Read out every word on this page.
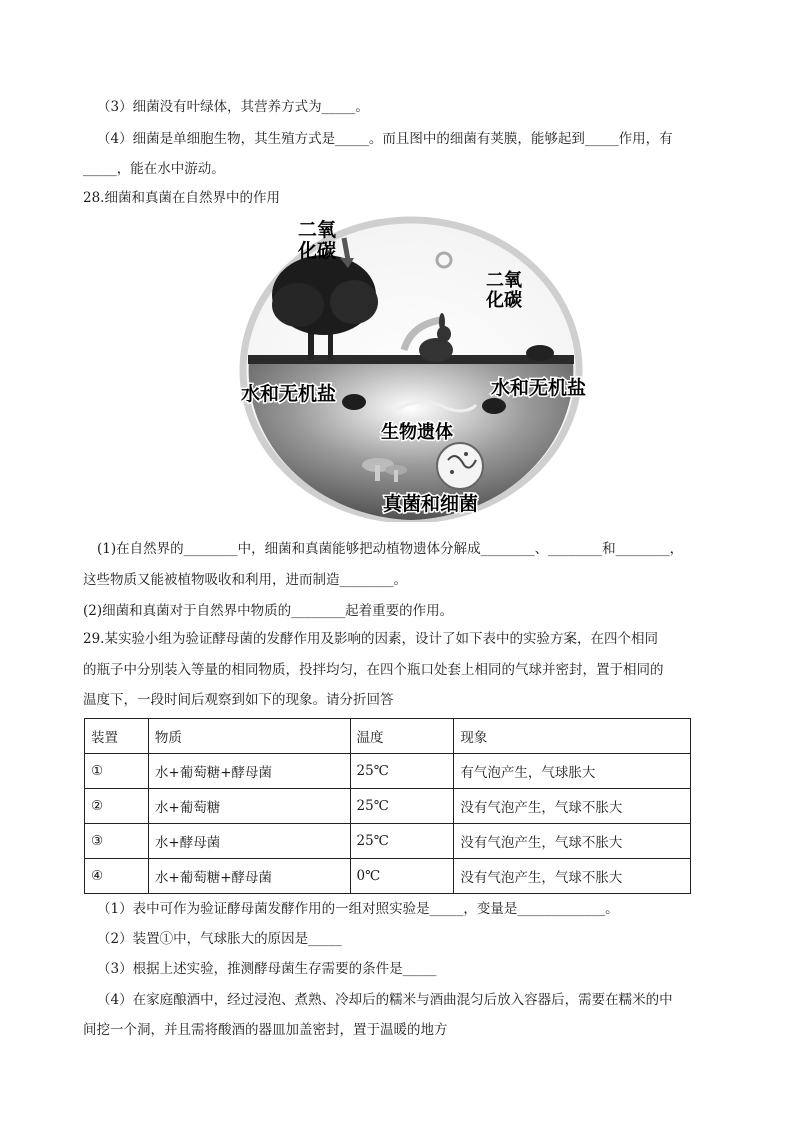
（3）细菌没有叶绿体，其营养方式为_____。
（4）细菌是单细胞生物，其生殖方式是_____。而且图中的细菌有荚膜，能够起到_____作用，有
_____，能在水中游动。
28.细菌和真菌在自然界中的作用
二氧
化碳
二氧
化碳
水和无机盐	水和无机盐
生物遗体
真菌和细菌
(1)在自然界的________中，细菌和真菌能够把动植物遗体分解成________、________和________，
这些物质又能被植物吸收和利用，进而制造________。
(2)细菌和真菌对于自然界中物质的________起着重要的作用。
29.某实验小组为验证酵母菌的发酵作用及影响的因素，设计了如下表中的实验方案，在四个相同
的瓶子中分别装入等量的相同物质，投拌均匀，在四个瓶口处套上相同的气球并密封，置于相同的
温度下，一段时间后观察到如下的现象。请分折回答
装置	物质	温度	现象
①	水+葡萄糖+酵母菌	25℃	有气泡产生，气球胀大
②	水+葡萄糖	25℃	没有气泡产生，气球不胀大
③	水+酵母菌	25℃	没有气泡产生，气球不胀大
④	水+葡萄糖+酵母菌	0℃	没有气泡产生，气球不胀大
（1）表中可作为验证酵母菌发酵作用的一组对照实验是_____，变量是_____________。
（2）装置①中，气球胀大的原因是_____
（3）根据上述实验，推测酵母菌生存需要的条件是_____
（4）在家庭酿酒中，经过浸泡、煮熟、冷却后的糯米与酒曲混匀后放入容器后，需要在糯米的中
间挖一个洞，并且需将酸酒的器皿加盖密封，置于温暖的地方
